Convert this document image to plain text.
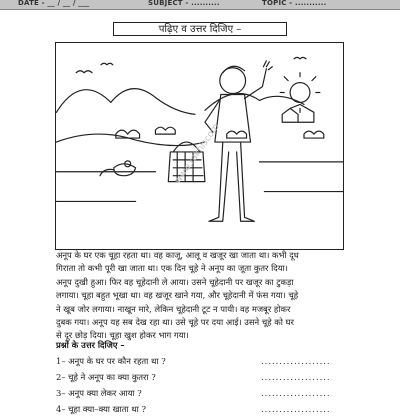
DATE - __ / __ / ___	SUBJECT - ..........	TOPIC - ...........
पढ़िए व उत्तर दिजिए –
www.rakhiscom
अनूप के घर एक चूहा रहता था। वह काजू, आलू व खजूर खा जाता था। कभी दूध
गिराता तो कभी पूरी खा जाता था। एक दिन चूहे ने अनूप का जूता कुतर दिया।
अनूप दुखी हुआ। फिर वह चूहेदानी ले आया। उसने चूहेदानी पर खजूर का टुकड़ा
लगाया। चूहा बहुत भूखा था। वह खजूर खाने गया, और चूहेदानी में फंस गया। चूहे
ने खूब जोर लगाया। नाखून मारे, लेकिन चूहेदानी टूट न पायी। वह मजबूर होकर
दुबक गया। अनूप यह सब देख रहा था। उसे चूहे पर दया आई। उसने चूहे को घर
से दूर छोड़ दिया। चूहा खुश होकर भाग गया।
प्रश्नों के उत्तर दिजिए –
1– अनूप के घर पर कौन रहता था ?	...................
2– चूहे ने अनूप का क्या कुतरा ?	...................
3– अनूप क्या लेकर आया ?	...................
4– चूहा क्या–क्या खाता था ?	...................
